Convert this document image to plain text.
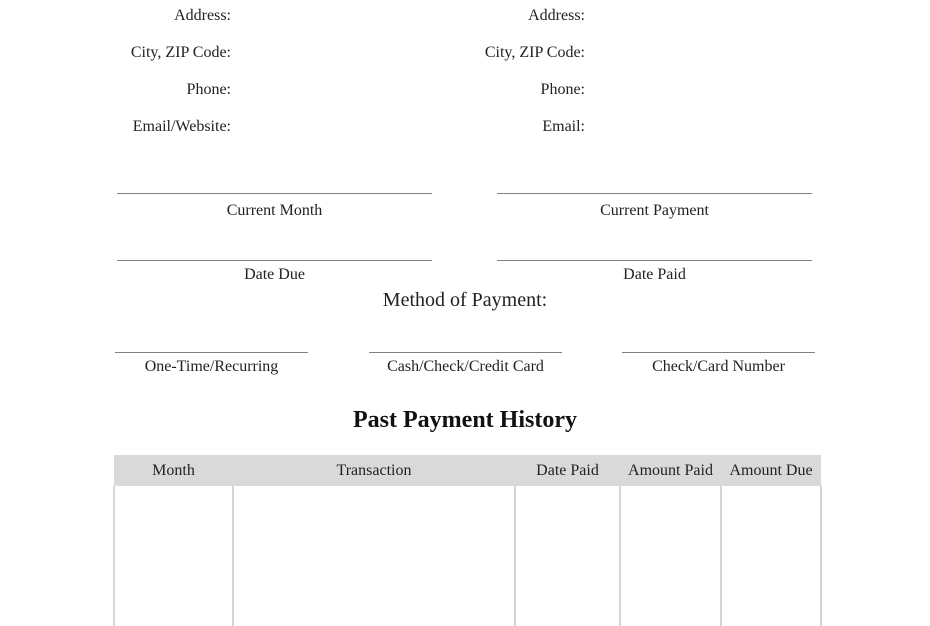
Address:
City, ZIP Code:
Phone:
Email/Website:
Address:
City, ZIP Code:
Phone:
Email:
Current Month	Current Payment
Date Due	Date Paid
Method of Payment:
One-Time/Recurring	Cash/Check/Credit Card	Check/Card Number
Past Payment History
Month	Transaction	Date Paid	Amount Paid	Amount Due
